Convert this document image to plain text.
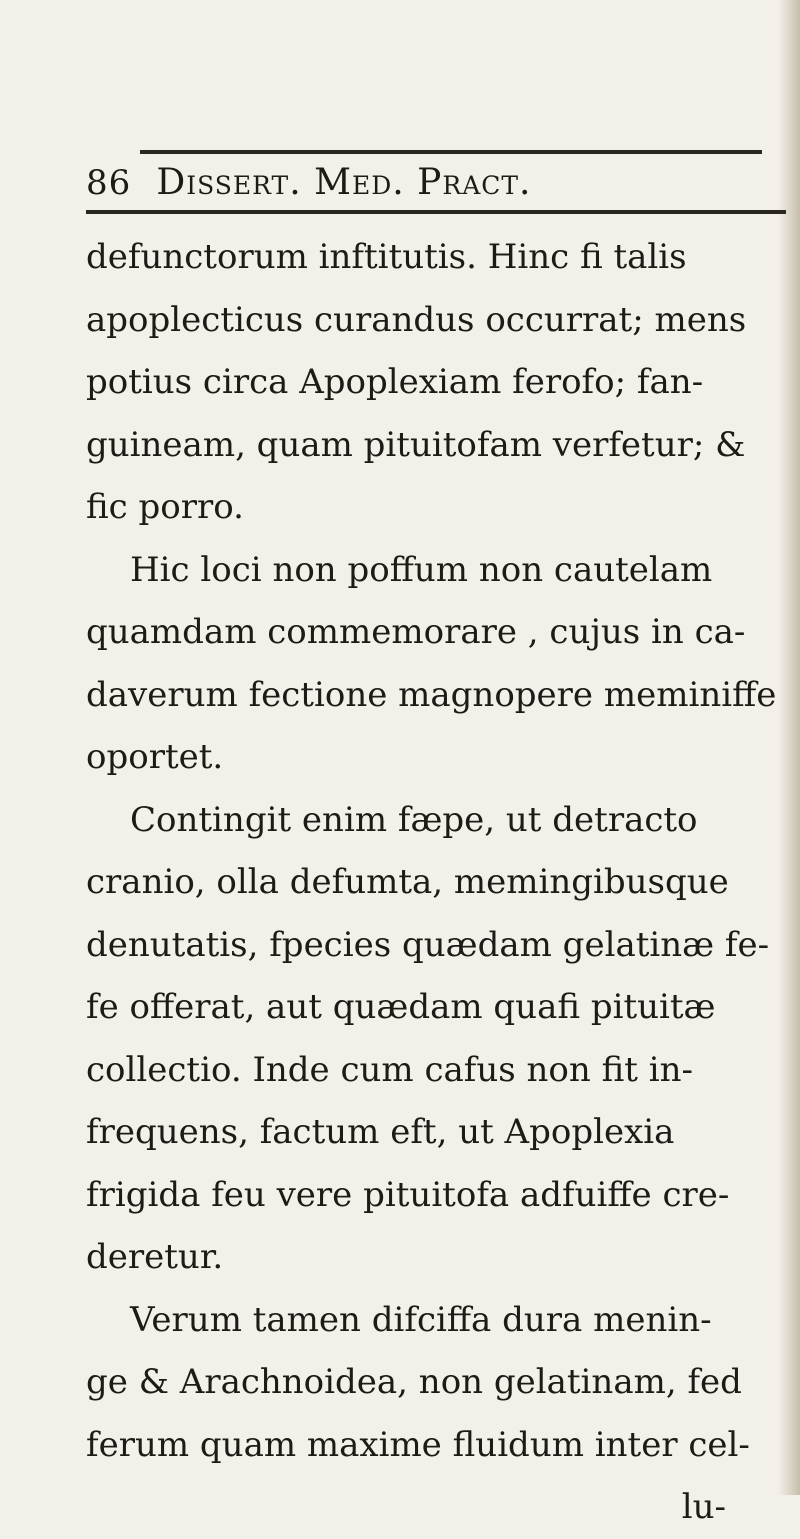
86 Dissert. Med. Pract.
defunctorum inftitutis. Hinc fi talis
apoplecticus curandus occurrat; mens
potius circa Apoplexiam ferofo; fan-
guineam, quam pituitofam verfetur; &
fic porro.
Hic loci non poffum non cautelam
quamdam commemorare , cujus in ca-
daverum fectione magnopere meminiffe
oportet.
Contingit enim fæpe, ut detracto
cranio, olla defumta, memingibusque
denutatis, fpecies quædam gelatinæ fe-
fe offerat, aut quædam quafi pituitæ
collectio. Inde cum cafus non fit in-
frequens, factum eft, ut Apoplexia
frigida feu vere pituitofa adfuiffe cre-
deretur.
Verum tamen difciffa dura menin-
ge & Arachnoidea, non gelatinam, fed
ferum quam maxime fluidum inter cel-
lu-
